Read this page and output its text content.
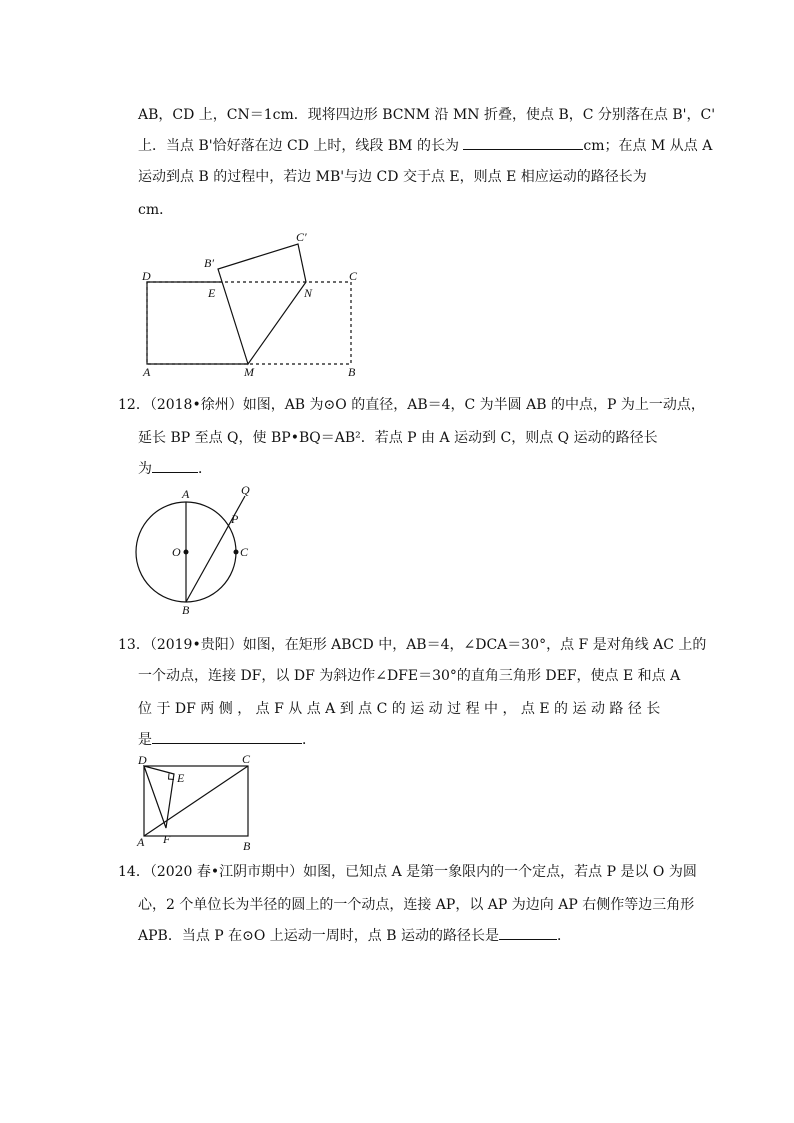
AB，CD 上，CN＝1cm．现将四边形 BCNM 沿 MN 折叠，使点 B，C 分别落在点 B'，C'
上．当点 B'恰好落在边 CD 上时，线段 BM 的长为	cm；在点 M 从点 A
运动到点 B 的过程中，若边 MB'与边 CD 交于点 E，则点 E 相应运动的路径长为
cm．
B′
C′
D	C
E	N
A	M	B
12．（2018•徐州）如图，AB 为⊙O 的直径，AB＝4，C 为半圆 AB 的中点，P 为上一动点，
延长 BP 至点 Q，使 BP•BQ＝AB²．若点 P 由 A 运动到 C，则点 Q 运动的路径长
为	．
A	Q
P
O	C
B
13．（2019•贵阳）如图，在矩形 ABCD 中，AB＝4，∠DCA＝30°，点 F 是对角线 AC 上的
一个动点，连接 DF，以 DF 为斜边作∠DFE＝30°的直角三角形 DEF，使点 E 和点 A
位 于 DF 两 侧 ， 点 F 从 点 A 到 点 C 的 运 动 过 程 中 ， 点 E 的 运 动 路 径 长
是	．
D	C
E
A F	B
14．（2020 春•江阴市期中）如图，已知点 A 是第一象限内的一个定点，若点 P 是以 O 为圆
心，2 个单位长为半径的圆上的一个动点，连接 AP，以 AP 为边向 AP 右侧作等边三角形
APB．当点 P 在⊙O 上运动一周时，点 B 运动的路径长是	．
